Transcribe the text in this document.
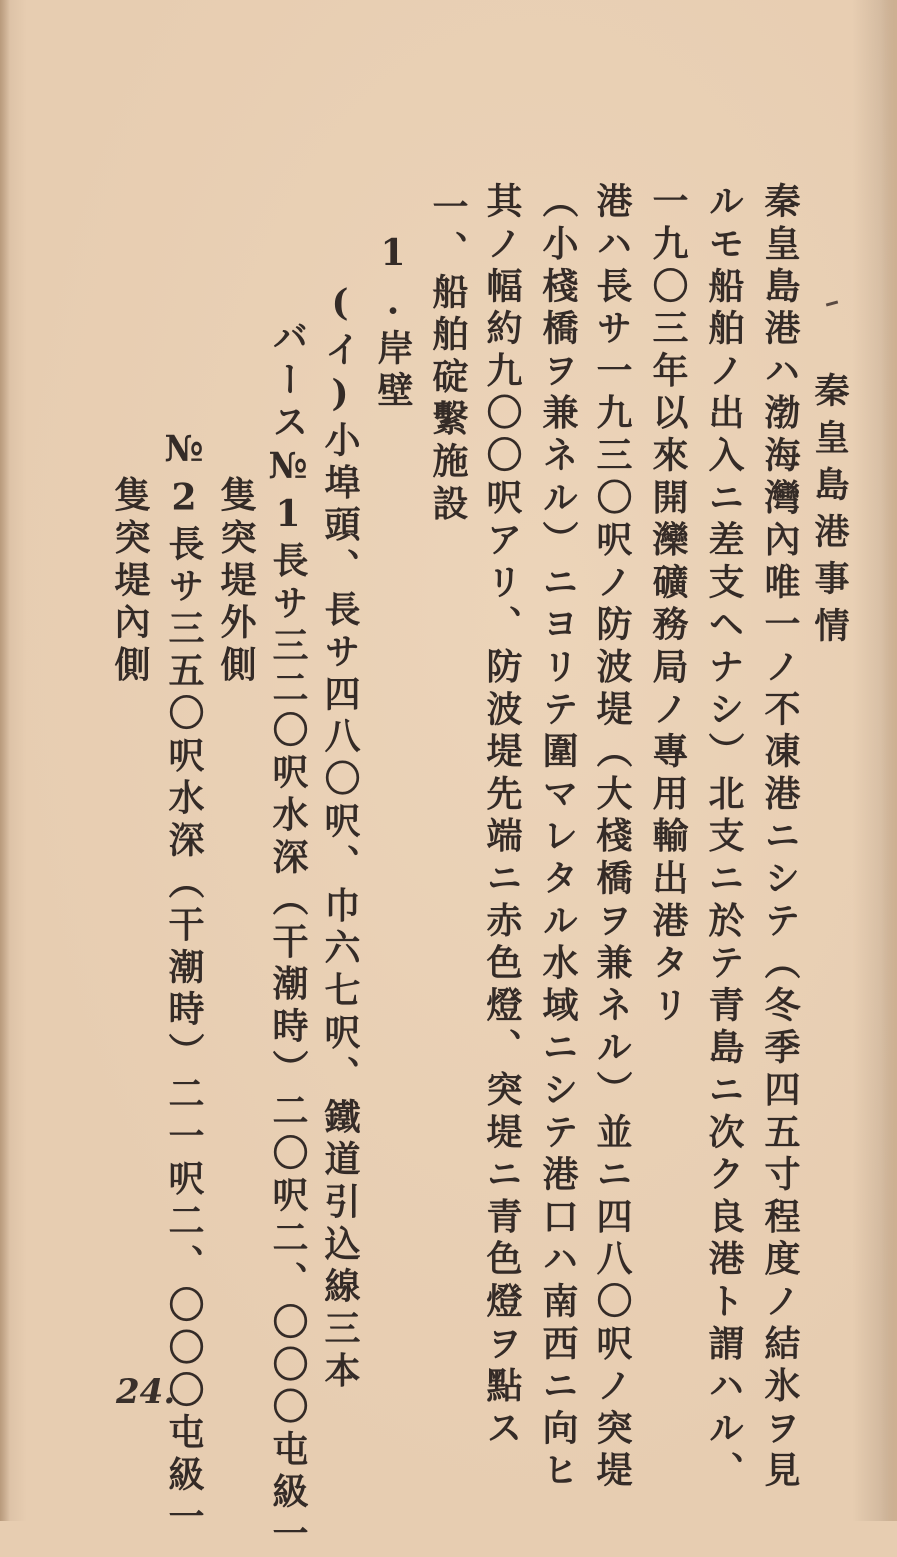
秦皇島港事情
秦皇島港ハ渤海灣內唯一ノ不凍港ニシテ（冬季四五寸程度ノ結氷ヲ見
ルモ船舶ノ出入ニ差支ヘナシ）北支ニ於テ青島ニ次ク良港ト謂ハル、
一九〇三年以來開灤礦務局ノ專用輸出港タリ
港ハ長サ一九三〇呎ノ防波堤（大棧橋ヲ兼ネル）並ニ四八〇呎ノ突堤
（小棧橋ヲ兼ネル）ニヨリテ圍マレタル水域ニシテ港口ハ南西ニ向ヒ
其ノ幅約九〇〇呎アリ、防波堤先端ニ赤色燈、突堤ニ青色燈ヲ點ス
一、船舶碇繫施設
1.岸壁
(イ)小埠頭、長サ四八〇呎、巾六七呎、鐵道引込線三本
バース№1長サ三二〇呎水深（干潮時）二〇呎二、〇〇〇屯級一
隻突堤外側
№2長サ三五〇呎水深（干潮時）二一呎二、〇〇〇屯級一
隻突堤內側
24.
